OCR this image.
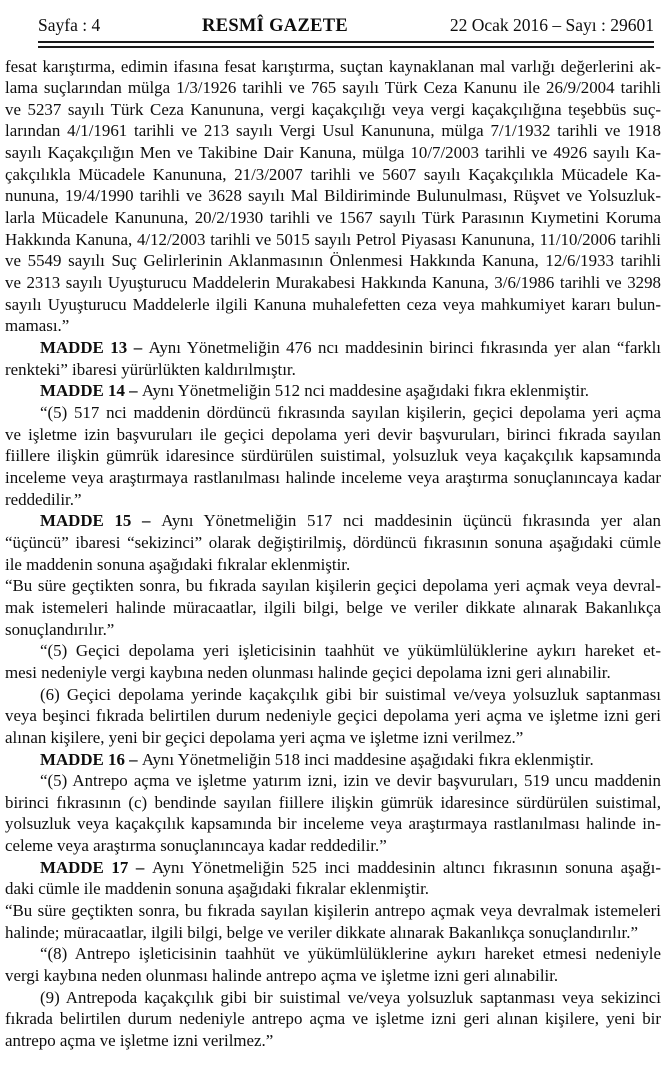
Sayfa : 4	RESMÎ GAZETE	22 Ocak 2016 – Sayı : 29601
fesat karıştırma, edimin ifasına fesat karıştırma, suçtan kaynaklanan mal varlığı değerlerini ak-
lama suçlarından mülga 1/3/1926 tarihli ve 765 sayılı Türk Ceza Kanunu ile 26/9/2004 tarihli
ve 5237 sayılı Türk Ceza Kanununa, vergi kaçakçılığı veya vergi kaçakçılığına teşebbüs suç-
larından 4/1/1961 tarihli ve 213 sayılı Vergi Usul Kanununa, mülga 7/1/1932 tarihli ve 1918
sayılı Kaçakçılığın Men ve Takibine Dair Kanuna, mülga 10/7/2003 tarihli ve 4926 sayılı Ka-
çakçılıkla Mücadele Kanununa, 21/3/2007 tarihli ve 5607 sayılı Kaçakçılıkla Mücadele Ka-
nununa, 19/4/1990 tarihli ve 3628 sayılı Mal Bildiriminde Bulunulması, Rüşvet ve Yolsuzluk-
larla Mücadele Kanununa, 20/2/1930 tarihli ve 1567 sayılı Türk Parasının Kıymetini Koruma
Hakkında Kanuna, 4/12/2003 tarihli ve 5015 sayılı Petrol Piyasası Kanununa, 11/10/2006 tarihli
ve 5549 sayılı Suç Gelirlerinin Aklanmasının Önlenmesi Hakkında Kanuna, 12/6/1933 tarihli
ve 2313 sayılı Uyuşturucu Maddelerin Murakabesi Hakkında Kanuna, 3/6/1986 tarihli ve 3298
sayılı Uyuşturucu Maddelerle ilgili Kanuna muhalefetten ceza veya mahkumiyet kararı bulun-
maması.”
MADDE 13 – Aynı Yönetmeliğin 476 ncı maddesinin birinci fıkrasında yer alan “farklı
renkteki” ibaresi yürürlükten kaldırılmıştır.
MADDE 14 – Aynı Yönetmeliğin 512 nci maddesine aşağıdaki fıkra eklenmiştir.
“(5) 517 nci maddenin dördüncü fıkrasında sayılan kişilerin, geçici depolama yeri açma
ve işletme izin başvuruları ile geçici depolama yeri devir başvuruları, birinci fıkrada sayılan
fiillere ilişkin gümrük idaresince sürdürülen suistimal, yolsuzluk veya kaçakçılık kapsamında
inceleme veya araştırmaya rastlanılması halinde inceleme veya araştırma sonuçlanıncaya kadar
reddedilir.”
MADDE 15 – Aynı Yönetmeliğin 517 nci maddesinin üçüncü fıkrasında yer alan
“üçüncü” ibaresi “sekizinci” olarak değiştirilmiş, dördüncü fıkrasının sonuna aşağıdaki cümle
ile maddenin sonuna aşağıdaki fıkralar eklenmiştir.
“Bu süre geçtikten sonra, bu fıkrada sayılan kişilerin geçici depolama yeri açmak veya devral-
mak istemeleri halinde müracaatlar, ilgili bilgi, belge ve veriler dikkate alınarak Bakanlıkça
sonuçlandırılır.”
“(5) Geçici depolama yeri işleticisinin taahhüt ve yükümlülüklerine aykırı hareket et-
mesi nedeniyle vergi kaybına neden olunması halinde geçici depolama izni geri alınabilir.
(6) Geçici depolama yerinde kaçakçılık gibi bir suistimal ve/veya yolsuzluk saptanması
veya beşinci fıkrada belirtilen durum nedeniyle geçici depolama yeri açma ve işletme izni geri
alınan kişilere, yeni bir geçici depolama yeri açma ve işletme izni verilmez.”
MADDE 16 – Aynı Yönetmeliğin 518 inci maddesine aşağıdaki fıkra eklenmiştir.
“(5) Antrepo açma ve işletme yatırım izni, izin ve devir başvuruları, 519 uncu maddenin
birinci fıkrasının (c) bendinde sayılan fiillere ilişkin gümrük idaresince sürdürülen suistimal,
yolsuzluk veya kaçakçılık kapsamında bir inceleme veya araştırmaya rastlanılması halinde in-
celeme veya araştırma sonuçlanıncaya kadar reddedilir.”
MADDE 17 – Aynı Yönetmeliğin 525 inci maddesinin altıncı fıkrasının sonuna aşağı-
daki cümle ile maddenin sonuna aşağıdaki fıkralar eklenmiştir.
“Bu süre geçtikten sonra, bu fıkrada sayılan kişilerin antrepo açmak veya devralmak istemeleri
halinde; müracaatlar, ilgili bilgi, belge ve veriler dikkate alınarak Bakanlıkça sonuçlandırılır.”
“(8) Antrepo işleticisinin taahhüt ve yükümlülüklerine aykırı hareket etmesi nedeniyle
vergi kaybına neden olunması halinde antrepo açma ve işletme izni geri alınabilir.
(9) Antrepoda kaçakçılık gibi bir suistimal ve/veya yolsuzluk saptanması veya sekizinci
fıkrada belirtilen durum nedeniyle antrepo açma ve işletme izni geri alınan kişilere, yeni bir
antrepo açma ve işletme izni verilmez.”
